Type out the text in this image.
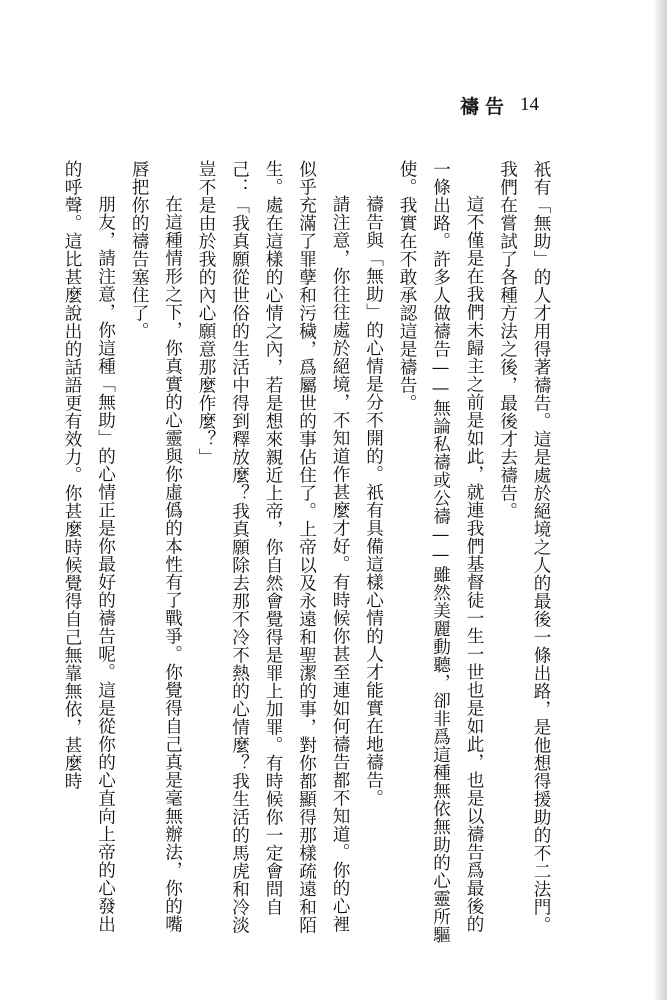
禱告 14

祇有「無助」的人才用得著禱告。這是處於絕境之人的最後一條出路，是他想得援助的不二法門。我們在嘗試了各種方法之後，最後才去禱告。

這不僅是在我們未歸主之前是如此，就連我們基督徒一生一世也是如此，也是以禱告爲最後的一條出路。許多人做禱告——無論私禱或公禱——雖然美麗動聽，卻非爲這種無依無助的心靈所驅使。我實在不敢承認這是禱告。

禱告與「無助」的心情是分不開的。祇有具備這樣心情的人才能實在地禱告。

請注意，你往往處於絕境，不知道作甚麼才好。有時候你甚至連如何禱告都不知道。你的心裡似乎充滿了罪孽和污穢，爲屬世的事佔住了。上帝以及永遠和聖潔的事，對你都顯得那樣疏遠和陌生。處在這樣的心情之內，若是想來親近上帝，你自然會覺得是罪上加罪。有時候你一定會問自己：「我真願從世俗的生活中得到釋放麼？我真願除去那不冷不熱的心情麼？我生活的馬虎和冷淡豈不是由於我的內心願意那麼作麼？」

在這種情形之下，你真實的心靈與你虛僞的本性有了戰爭。你覺得自己真是毫無辦法，你的嘴唇把你的禱告塞住了。

朋友，請注意，你這種「無助」的心情正是你最好的禱告呢。這是從你的心直向上帝的心發出的呼聲。這比甚麼說出的話語更有效力。你甚麼時候覺得自己無靠無依，甚麼時
